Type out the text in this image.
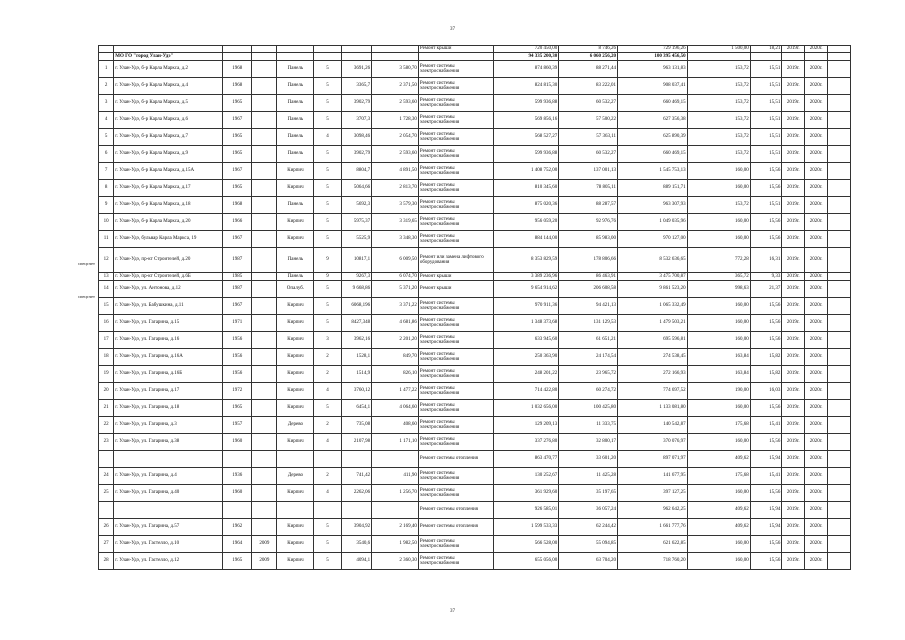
37
спецсчет
спецсчет
								Ремонт крыши	720 450,00	8 746,26	729 196,26	1 500,00	18,21	2019г.	2020г.	
	МО ГО "город Улан-Удэ"								94 335 200,30	6 060 256,20	100 395 456,50					
1	г. Улан-Удэ, б-р Карла Маркса, д.2	1968		Панель	5	3691,26	3 580,70	Ремонт системы электроснабжения	874 860,39	88 271,44	963 131,83	153,72	15,51	2019г.	2020г.	
2	г. Улан-Удэ, б-р Карла Маркса, д.4	1968		Панель	5	3365,7	2 371,50	Ремонт системы электроснабжения	824 815,30	83 222,01	908 037,41	153,72	15,51	2019г.	2020г.	
3	г. Улан-Удэ, б-р Карла Маркса, д.5	1965		Панель	5	3902,79	2 593,60	Ремонт системы электроснабжения	599 936,88	60 532,27	660 469,15	153,72	15,51	2019г.	2020г.	
4	г. Улан-Удэ, б-р Карла Маркса, д.6	1967		Панель	5	3707,3	1 728,30	Ремонт системы электроснабжения	569 856,16	57 500,22	627 356,38	153,72	15,51	2019г.	2020г.	
5	г. Улан-Удэ, б-р Карла Маркса, д.7	1965		Панель	4	3098,46	2 054,70	Ремонт системы электроснабжения	568 527,27	57 363,11	625 890,39	153,72	15,51	2019г.	2020г.	
6	г. Улан-Удэ, б-р Карла Маркса, д.9	1965		Панель	5	3902,79	2 593,60	Ремонт системы электроснабжения	599 936,88	60 532,27	660 469,15	153,72	15,51	2019г.	2020г.	
7	г. Улан-Удэ, б-р Карла Маркса, д.15А	1967		Кирпич	5	8804,7	4 891,50	Ремонт системы электроснабжения	1 408 752,00	137 001,13	1 545 753,13	160,00	15,56	2019г.	2020г.	
8	г. Улан-Удэ, б-р Карла Маркса, д.17	1965		Кирпич	5	5064,66	2 813,70	Ремонт системы электроснабжения	810 345,60	78 805,11	889 151,71	160,00	15,56	2019г.	2020г.	
9	г. Улан-Удэ, б-р Карла Маркса, д.18	1968		Панель	5	5692,3	3 579,30	Ремонт системы электроснабжения	875 020,36	88 287,57	963 307,93	153,72	15,51	2019г.	2020г.	
10	г. Улан-Удэ, б-р Карла Маркса, д.20	1966		Кирпич	5	5975,37	3 319,65	Ремонт системы электроснабжения	956 059,20	92 976,76	1 049 035,96	160,00	15,56	2019г.	2020г.	
11	г. Улан-Удэ, бульвар Карла Маркса, 19	1967		Кирпич	5	5525,9	3 348,30	Ремонт системы электроснабжения	884 144,00	85 983,00	970 127,00	160,00	15,56	2019г.	2020г.	
12	г. Улан-Удэ, пр-кт Строителей, д.20	1987		Панель	9	10817,1	6 009,50	Ремонт или замена лифтового оборудования	8 353 829,59	178 806,66	8 532 636,65	772,28	16,31	2019г.	2020г.	
13	г. Улан-Удэ, пр-кт Строителей, д.6Б	1985		Панель	9	9267,3	6 074,70	Ремонт крыши	3 389 236,96	86 463,91	3 475 700,87	365,72	9,33	2019г.	2020г.	
14	г. Улан-Удэ, ул. Антонова, д.12	1987		Опалуб.	5	9 668,86	5 371,20	Ремонт крыши	9 654 914,62	206 608,58	9 861 523,20	998,63	21,37	2019г.	2020г.	
15	г. Улан-Удэ, ул. Бабушкина, д.11	1967		Кирпич	5	6068,196	3 371,22	Ремонт системы электроснабжения	970 911,36	94 421,13	1 065 332,49	160,00	15,56	2019г.	2020г.	
16	г. Улан-Удэ, ул. Гагарина, д.15	1971		Кирпич	5	8427,348	4 681,86	Ремонт системы электроснабжения	1 348 373,68	131 129,53	1 479 503,21	160,00	15,56	2019г.	2020г.	
17	г. Улан-Удэ, ул. Гагарина, д.16	1956		Кирпич	3	3962,16	2 201,20	Ремонт системы электроснабжения	633 945,60	61 651,21	695 596,81	160,00	15,56	2019г.	2020г.	
18	г. Улан-Удэ, ул. Гагарина, д.16А	1956		Кирпич	2	1528,1	849,70	Ремонт системы электроснабжения	250 363,90	24 174,54	274 538,45	163,84	15,82	2019г.	2020г.	
19	г. Улан-Удэ, ул. Гагарина, д.16Б	1956		Кирпич	2	1514,9	826,10	Ремонт системы электроснабжения	248 201,22	23 965,72	272 166,93	163,84	15,82	2019г.	2020г.	
20	г. Улан-Удэ, ул. Гагарина, д.17	1972		Кирпич	4	3760,12	1 477,22	Ремонт системы электроснабжения	714 422,80	60 274,72	774 697,52	190,00	16,03	2019г.	2020г.	
21	г. Улан-Удэ, ул. Гагарина, д.18	1965		Кирпич	5	6454,1	4 064,60	Ремонт системы электроснабжения	1 032 656,00	100 425,80	1 133 081,80	160,00	15,56	2019г.	2020г.	
22	г. Улан-Удэ, ул. Гагарина, д.3	1957		Дерево	2	735,08	408,60	Ремонт системы электроснабжения	129 209,13	11 333,75	140 542,87	175,68	15,41	2019г.	2020г.	
23	г. Улан-Удэ, ул. Гагарина, д.38	1960		Кирпич	4	2107,98	1 171,10	Ремонт системы электроснабжения	337 276,80	32 800,17	370 076,97	160,00	15,56	2019г.	2020г.	
								Ремонт системы отопления	863 470,77	33 601,20	897 071,97	409,62	15,94	2019г.	2020г.	
24	г. Улан-Удэ, ул. Гагарина, д.4	1936		Дерево	2	741,42	411,90	Ремонт системы электроснабжения	130 252,67	11 425,28	141 677,95	175,68	15,41	2019г.	2020г.	
25	г. Улан-Удэ, ул. Гагарина, д.40	1960		Кирпич	4	2262,06	1 256,70	Ремонт системы электроснабжения	361 929,60	35 197,65	397 127,25	160,00	15,56	2019г.	2020г.	
								Ремонт системы отопления	926 585,01	36 057,24	962 642,25	409,62	15,94	2019г.	2020г.	
26	г. Улан-Удэ, ул. Гагарина, д.57	1962		Кирпич	5	3904,92	2 169,40	Ремонт системы отопления	1 599 533,33	62 244,42	1 661 777,76	409,62	15,94	2019г.	2020г.	
27	г. Улан-Удэ, ул. Гастелло, д.10	1964	2009	Кирпич	5	3540,6	1 982,50	Ремонт системы электроснабжения	566 528,00	55 094,85	621 622,85	160,00	15,56	2019г.	2020г.	
28	г. Улан-Удэ, ул. Гастелло, д.12	1965	2009	Кирпич	5	4094,1	2 360,30	Ремонт системы электроснабжения	655 056,00	63 704,20	718 760,20	160,00	15,56	2019г.	2020г.	
37
